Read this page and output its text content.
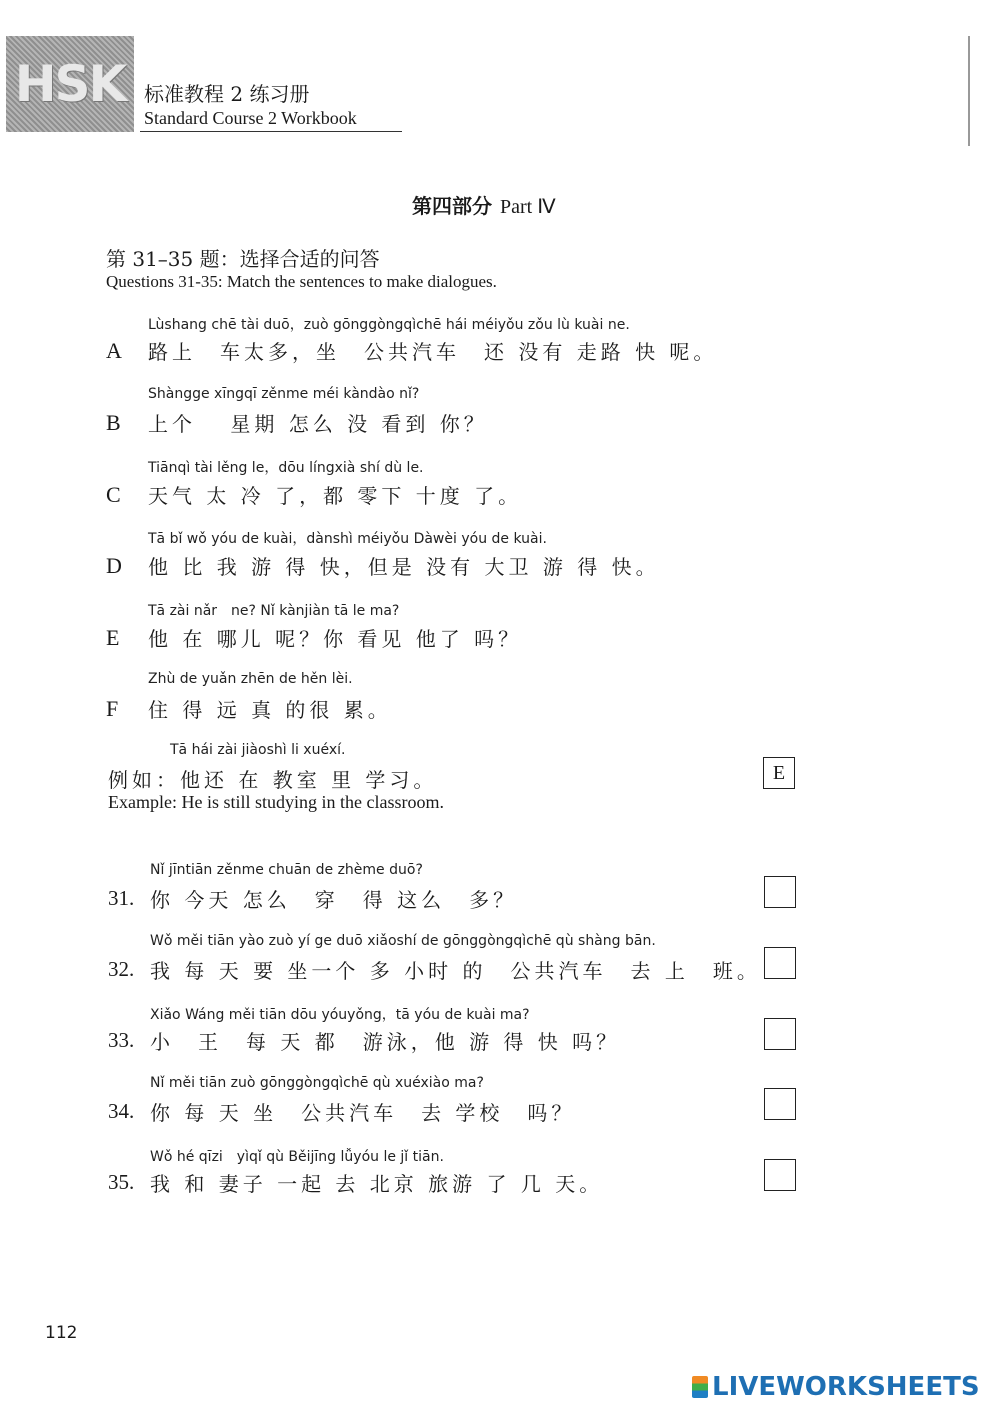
HSK 标准教程 2 练习册
Standard Course 2 Workbook
第四部分 Part Ⅳ
第 31–35 题：选择合适的问答
Questions 31-35: Match the sentences to make dialogues.
Lùshang chē tài duō，zuò gōnggòngqìchē hái méiyǒu zǒu lù kuài ne.
A 路上　车太多，坐　公共汽车　还 没有 走路 快 呢。
Shàngge xīngqī zěnme méi kàndào nǐ?
B 上个　 星期 怎么 没 看到 你？
Tiānqì tài lěng le，dōu língxià shí dù le.
C 天气 太 冷 了，都 零下 十度 了。
Tā bǐ wǒ yóu de kuài，dànshì méiyǒu Dàwèi yóu de kuài.
D 他 比 我 游 得 快，但是 没有 大卫 游 得 快。
Tā zài nǎr　ne? Nǐ kànjiàn tā le ma?
E 他 在 哪儿 呢？你 看见 他了 吗？
Zhù de yuǎn zhēn de hěn lèi.
F 住 得 远 真 的很 累。
Tā hái zài jiàoshì li xuéxí.
例如：他还 在 教室 里 学习。
Example: He is still studying in the classroom.
E
Nǐ jīntiān zěnme chuān de zhème duō?
31. 你 今天 怎么　穿　得 这么　多？
Wǒ měi tiān yào zuò yí ge duō xiǎoshí de gōnggòngqìchē qù shàng bān.
32. 我 每 天 要 坐一个 多 小时 的　公共汽车　去 上　班。
Xiǎo Wáng měi tiān dōu yóuyǒng，tā yóu de kuài ma?
33. 小　王　每 天 都　游泳，他 游 得 快 吗？
Nǐ měi tiān zuò gōnggòngqìchē qù xuéxiào ma?
34. 你 每 天 坐　公共汽车　去 学校　吗？
Wǒ hé qīzi　yìqǐ qù Běijīng lǚyóu le jǐ tiān.
35. 我 和 妻子 一起 去 北京 旅游 了 几 天。
112
LIVEWORKSHEETS
